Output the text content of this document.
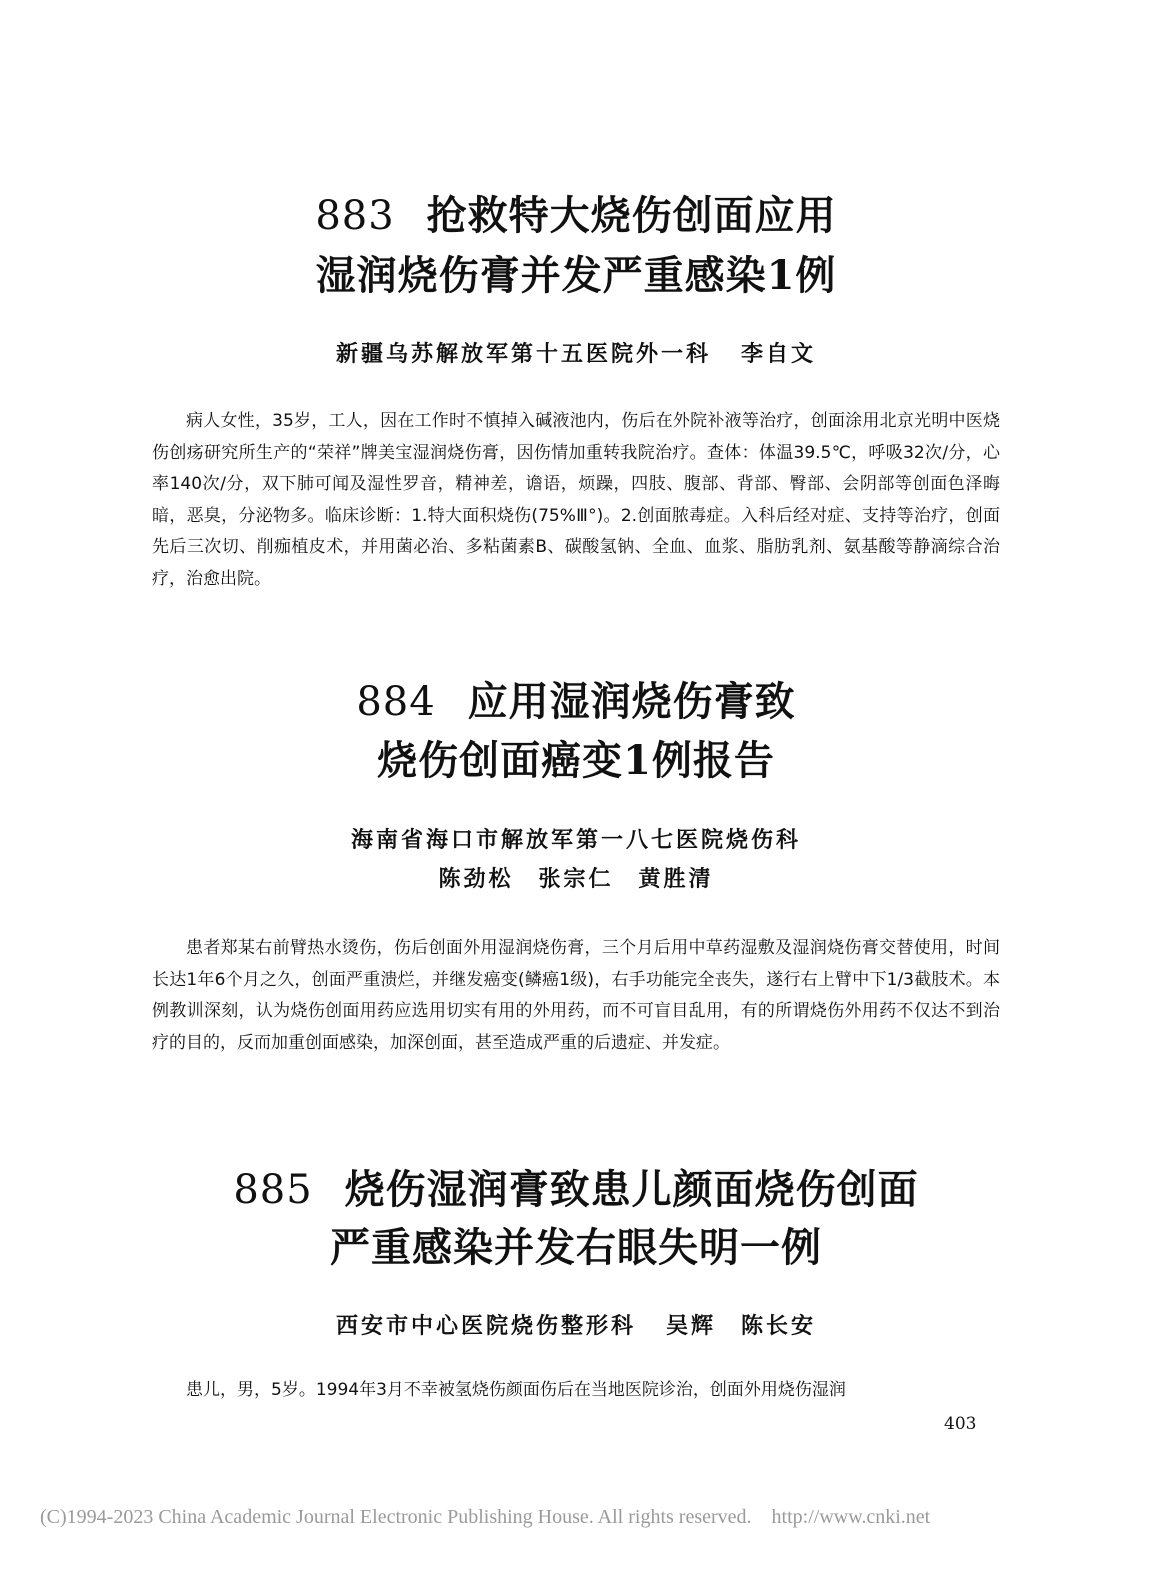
883 抢救特大烧伤创面应用
湿润烧伤膏并发严重感染1例
新疆乌苏解放军第十五医院外一科 李自文
病人女性，35岁，工人，因在工作时不慎掉入碱液池内，伤后在外院补液等治疗，创面涂用北京光明中医烧伤创疡研究所生产的“荣祥”牌美宝湿润烧伤膏，因伤情加重转我院治疗。查体：体温39.5℃，呼吸32次/分，心率140次/分，双下肺可闻及湿性罗音，精神差，谵语，烦躁，四肢、腹部、背部、臀部、会阴部等创面色泽晦暗，恶臭，分泌物多。临床诊断：1.特大面积烧伤(75%Ⅲ°)。2.创面脓毒症。入科后经对症、支持等治疗，创面先后三次切、削痂植皮术，并用菌必治、多粘菌素B、碳酸氢钠、全血、血浆、脂肪乳剂、氨基酸等静滴综合治疗，治愈出院。
884 应用湿润烧伤膏致
烧伤创面癌变1例报告
海南省海口市解放军第一八七医院烧伤科
陈劲松　张宗仁　黄胜清
患者郑某右前臂热水烫伤，伤后创面外用湿润烧伤膏，三个月后用中草药湿敷及湿润烧伤膏交替使用，时间长达1年6个月之久，创面严重溃烂，并继发癌变(鳞癌1级)，右手功能完全丧失，遂行右上臂中下1/3截肢术。本例教训深刻，认为烧伤创面用药应选用切实有用的外用药，而不可盲目乱用，有的所谓烧伤外用药不仅达不到治疗的目的，反而加重创面感染，加深创面，甚至造成严重的后遗症、并发症。
885 烧伤湿润膏致患儿颜面烧伤创面
严重感染并发右眼失明一例
西安市中心医院烧伤整形科 吴辉　陈长安
患儿，男，5岁。1994年3月不幸被氢烧伤颜面伤后在当地医院诊治，创面外用烧伤湿润
403
(C)1994-2023 China Academic Journal Electronic Publishing House. All rights reserved. http://www.cnki.net
